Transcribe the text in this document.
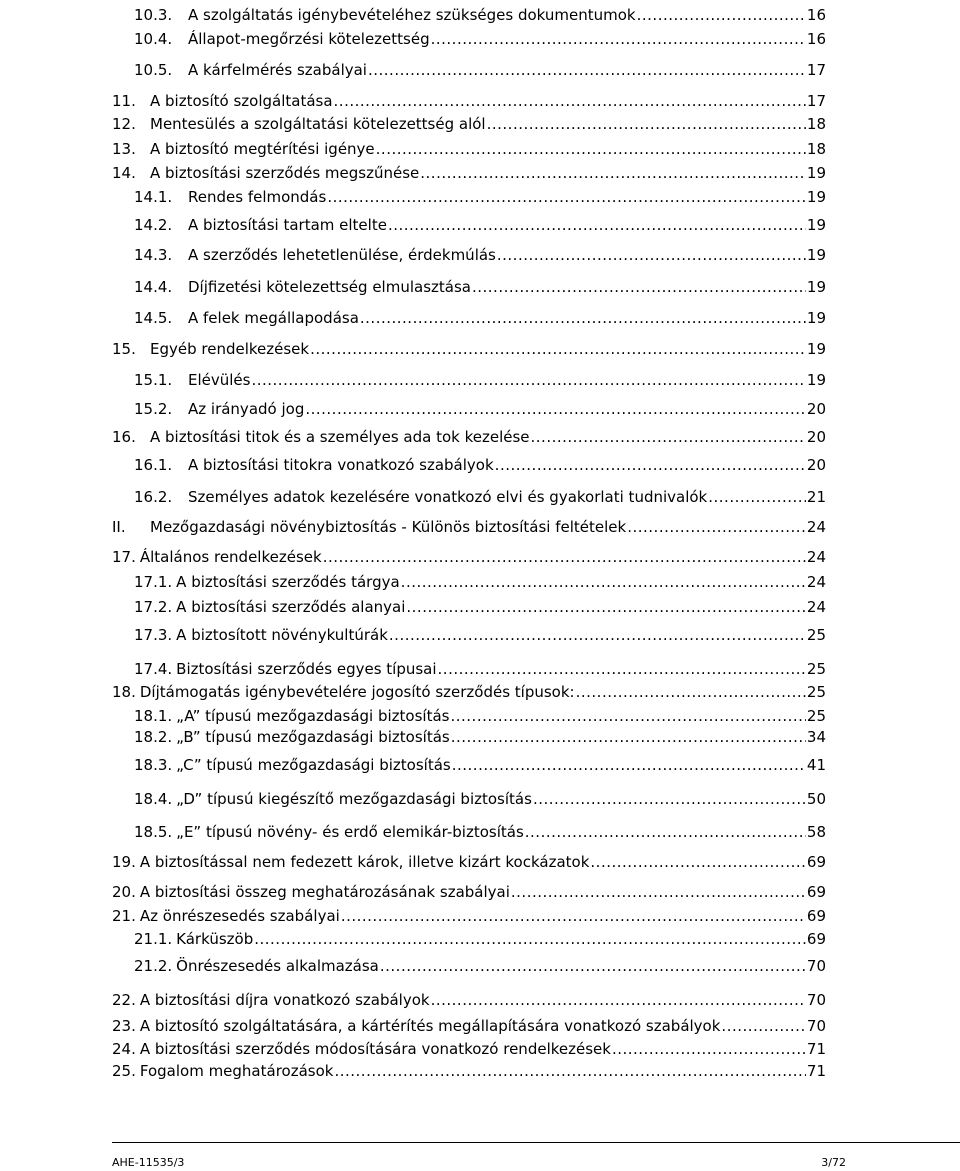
10.3.	A szolgáltatás igénybevételéhez szükséges dokumentumok .....	16
10.4.	Állapot-megőrzési kötelezettség .....	16
10.5.	A kárfelmérés szabályai .....	17
11. A biztosító szolgáltatása .....	17
12. Mentesülés a szolgáltatási kötelezettség alól .....	18
13. A biztosító megtérítési igénye .....	18
14. A biztosítási szerződés megszűnése .....	19
14.1.	Rendes felmondás .....	19
14.2.	A biztosítási tartam eltelte .....	19
14.3.	A szerződés lehetetlenülése, érdekmúlás .....	19
14.4.	Díjfizetési kötelezettség elmulasztása .....	19
14.5.	A felek megállapodása .....	19
15. Egyéb rendelkezések .....	19
15.1.	Elévülés .....	19
15.2.	Az irányadó jog .....	20
16. A biztosítási titok és a személyes ada tok kezelése .....	20
16.1.	A biztosítási titokra vonatkozó szabályok .....	20
16.2.	Személyes adatok kezelésére vonatkozó elvi és gyakorlati tudnivalók .....	21
II.	Mezőgazdasági növénybiztosítás - Különös biztosítási feltételek .....	24
17. Általános rendelkezések .....	24
17.1. A biztosítási szerződés tárgya .....	24
17.2. A biztosítási szerződés alanyai .....	24
17.3. A biztosított növénykultúrák .....	25
17.4. Biztosítási szerződés egyes típusai .....	25
18. Díjtámogatás igénybevételére jogosító szerződés típusok: .....	25
18.1. „A” típusú mezőgazdasági biztosítás .....	25
18.2. „B” típusú mezőgazdasági biztosítás .....	34
18.3. „C” típusú mezőgazdasági biztosítás .....	41
18.4. „D” típusú kiegészítő mezőgazdasági biztosítás .....	50
18.5. „E” típusú növény- és erdő elemikár-biztosítás .....	58
19. A biztosítással nem fedezett károk, illetve kizárt kockázatok .....	69
20. A biztosítási összeg meghatározásának szabályai .....	69
21. Az önrészesedés szabályai .....	69
21.1. Kárküszöb .....	69
21.2. Önrészesedés alkalmazása .....	70
22. A biztosítási díjra vonatkozó szabályok .....	70
23. A biztosító szolgáltatására, a kártérítés megállapítására vonatkozó szabályok .....	70
24. A biztosítási szerződés módosítására vonatkozó rendelkezések .....	71
25. Fogalom meghatározások .....	71
AHE-11535/3	3/72
